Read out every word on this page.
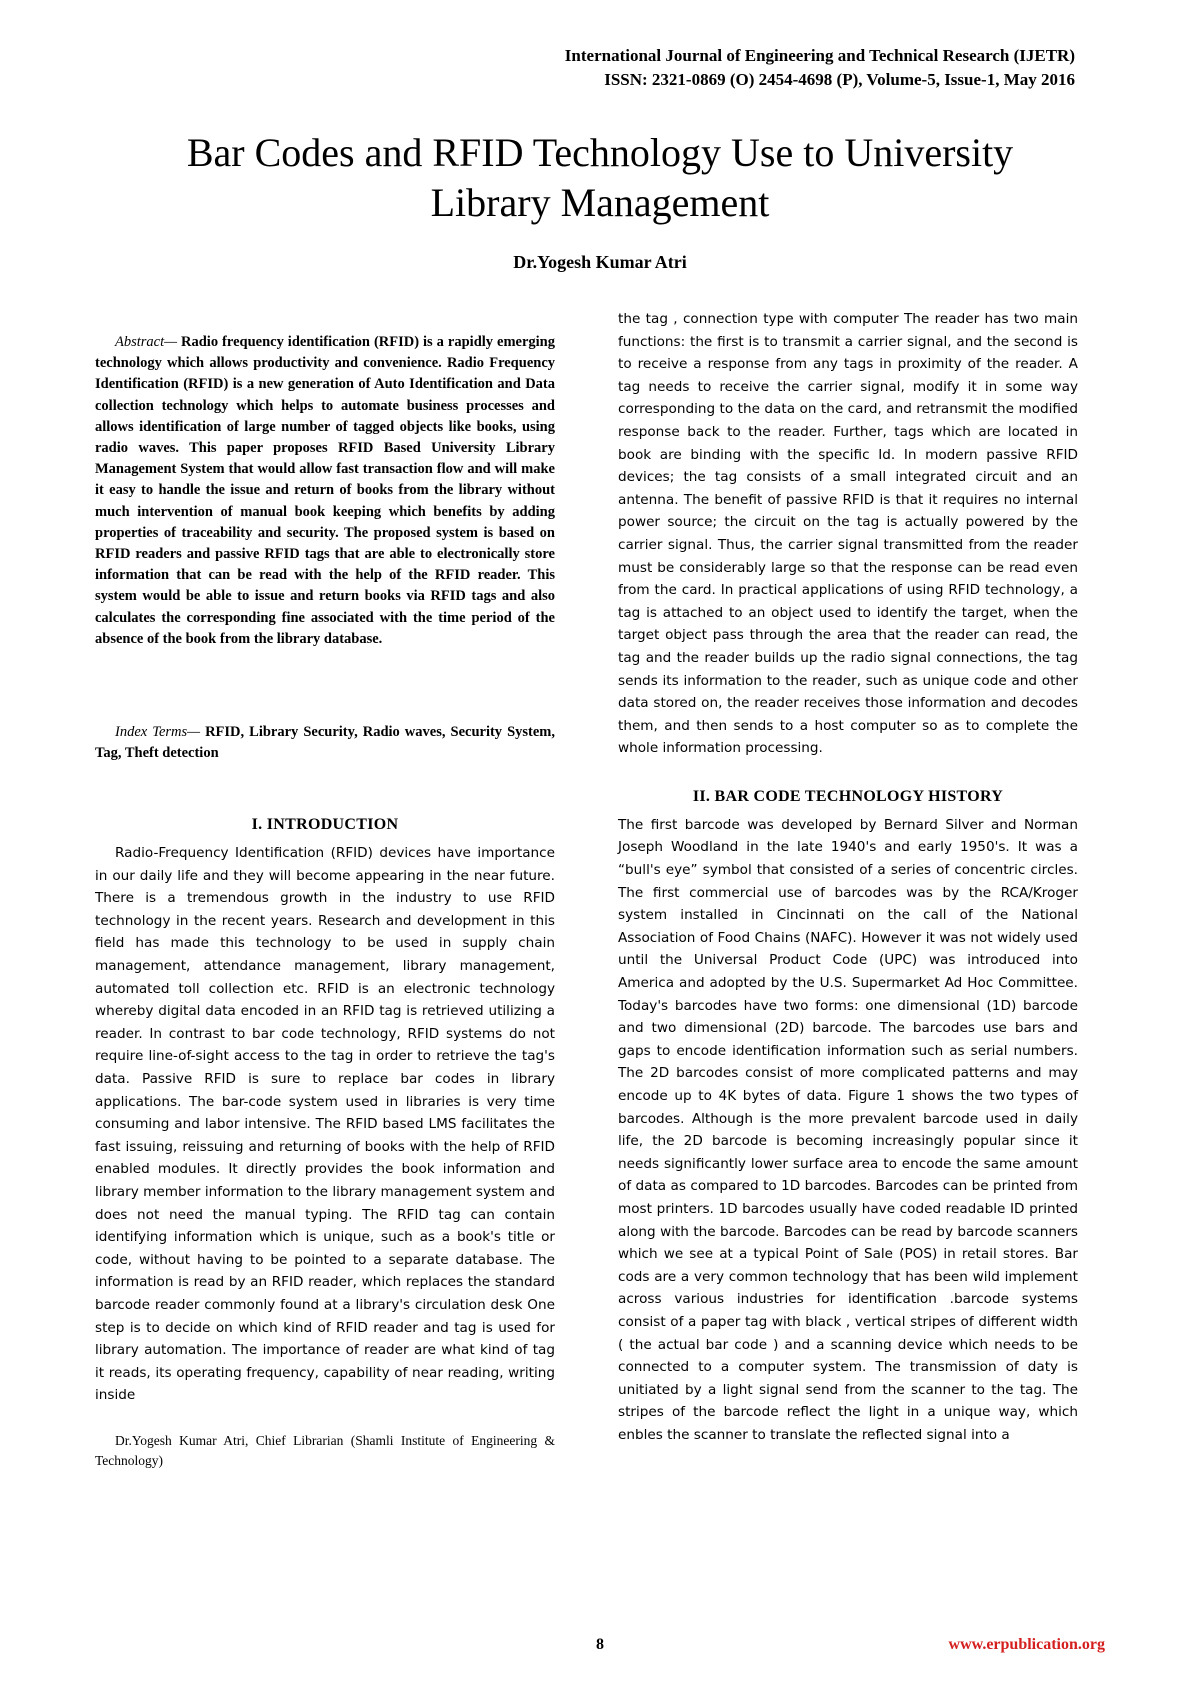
International Journal of Engineering and Technical Research (IJETR)
ISSN: 2321-0869 (O) 2454-4698 (P), Volume-5, Issue-1, May 2016
Bar Codes and RFID Technology Use to University
Library Management
Dr.Yogesh Kumar Atri

Abstract— Radio frequency identification (RFID) is a rapidly emerging technology which allows productivity and convenience. Radio Frequency Identification (RFID) is a new generation of Auto Identification and Data collection technology which helps to automate business processes and allows identification of large number of tagged objects like books, using radio waves. This paper proposes RFID Based University Library Management System that would allow fast transaction flow and will make it easy to handle the issue and return of books from the library without much intervention of manual book keeping which benefits by adding properties of traceability and security. The proposed system is based on RFID readers and passive RFID tags that are able to electronically store information that can be read with the help of the RFID reader. This system would be able to issue and return books via RFID tags and also calculates the corresponding fine associated with the time period of the absence of the book from the library database.

Index Terms— RFID, Library Security, Radio waves, Security System, Tag, Theft detection

I. INTRODUCTION

Radio-Frequency Identification (RFID) devices have importance in our daily life and they will become appearing in the near future. There is a tremendous growth in the industry to use RFID technology in the recent years. Research and development in this field has made this technology to be used in supply chain management, attendance management, library management, automated toll collection etc. RFID is an electronic technology whereby digital data encoded in an RFID tag is retrieved utilizing a reader. In contrast to bar code technology, RFID systems do not require line-of-sight access to the tag in order to retrieve the tag's data. Passive RFID is sure to replace bar codes in library applications. The bar-code system used in libraries is very time consuming and labor intensive. The RFID based LMS facilitates the fast issuing, reissuing and returning of books with the help of RFID enabled modules. It directly provides the book information and library member information to the library management system and does not need the manual typing. The RFID tag can contain identifying information which is unique, such as a book's title or code, without having to be pointed to a separate database. The information is read by an RFID reader, which replaces the standard barcode reader commonly found at a library's circulation desk One step is to decide on which kind of RFID reader and tag is used for library automation. The importance of reader are what kind of tag it reads, its operating frequency, capability of near reading, writing inside

Dr.Yogesh Kumar Atri, Chief Librarian (Shamli Institute of Engineering & Technology)

the tag , connection type with computer The reader has two main functions: the first is to transmit a carrier signal, and the second is to receive a response from any tags in proximity of the reader. A tag needs to receive the carrier signal, modify it in some way corresponding to the data on the card, and retransmit the modified response back to the reader. Further, tags which are located in book are binding with the specific Id. In modern passive RFID devices; the tag consists of a small integrated circuit and an antenna. The benefit of passive RFID is that it requires no internal power source; the circuit on the tag is actually powered by the carrier signal. Thus, the carrier signal transmitted from the reader must be considerably large so that the response can be read even from the card. In practical applications of using RFID technology, a tag is attached to an object used to identify the target, when the target object pass through the area that the reader can read, the tag and the reader builds up the radio signal connections, the tag sends its information to the reader, such as unique code and other data stored on, the reader receives those information and decodes them, and then sends to a host computer so as to complete the whole information processing.

II. BAR CODE TECHNOLOGY HISTORY

The first barcode was developed by Bernard Silver and Norman Joseph Woodland in the late 1940's and early 1950's. It was a “bull's eye” symbol that consisted of a series of concentric circles. The first commercial use of barcodes was by the RCA/Kroger system installed in Cincinnati on the call of the National Association of Food Chains (NAFC). However it was not widely used until the Universal Product Code (UPC) was introduced into America and adopted by the U.S. Supermarket Ad Hoc Committee. Today's barcodes have two forms: one dimensional (1D) barcode and two dimensional (2D) barcode. The barcodes use bars and gaps to encode identification information such as serial numbers. The 2D barcodes consist of more complicated patterns and may encode up to 4K bytes of data. Figure 1 shows the two types of barcodes. Although is the more prevalent barcode used in daily life, the 2D barcode is becoming increasingly popular since it needs significantly lower surface area to encode the same amount of data as compared to 1D barcodes. Barcodes can be printed from most printers. 1D barcodes usually have coded readable ID printed along with the barcode. Barcodes can be read by barcode scanners which we see at a typical Point of Sale (POS) in retail stores. Bar cods are a very common technology that has been wild implement across various industries for identification .barcode systems consist of a paper tag with black , vertical stripes of different width ( the actual bar code ) and a scanning device which needs to be connected to a computer system. The transmission of daty is unitiated by a light signal send from the scanner to the tag. The stripes of the barcode reflect the light in a unique way, which enbles the scanner to translate the reflected signal into a

8	www.erpublication.org
